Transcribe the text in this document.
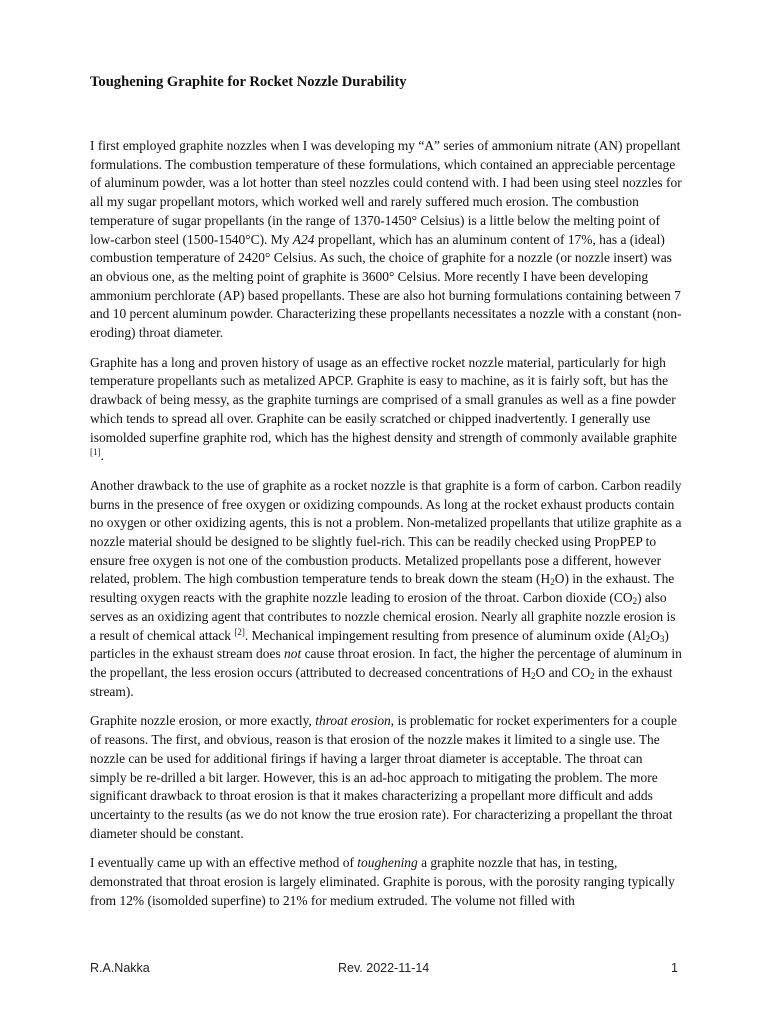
Toughening Graphite for Rocket Nozzle Durability

I first employed graphite nozzles when I was developing my “A” series of ammonium nitrate (AN) propellant formulations. The combustion temperature of these formulations, which contained an appreciable percentage of aluminum powder, was a lot hotter than steel nozzles could contend with. I had been using steel nozzles for all my sugar propellant motors, which worked well and rarely suffered much erosion. The combustion temperature of sugar propellants (in the range of 1370-1450° Celsius) is a little below the melting point of low-carbon steel (1500-1540°C). My A24 propellant, which has an aluminum content of 17%, has a (ideal) combustion temperature of 2420° Celsius. As such, the choice of graphite for a nozzle (or nozzle insert) was an obvious one, as the melting point of graphite is 3600° Celsius. More recently I have been developing ammonium perchlorate (AP) based propellants. These are also hot burning formulations containing between 7 and 10 percent aluminum powder. Characterizing these propellants necessitates a nozzle with a constant (non-eroding) throat diameter.

Graphite has a long and proven history of usage as an effective rocket nozzle material, particularly for high temperature propellants such as metalized APCP. Graphite is easy to machine, as it is fairly soft, but has the drawback of being messy, as the graphite turnings are comprised of a small granules as well as a fine powder which tends to spread all over. Graphite can be easily scratched or chipped inadvertently. I generally use isomolded superfine graphite rod, which has the highest density and strength of commonly available graphite [1].

Another drawback to the use of graphite as a rocket nozzle is that graphite is a form of carbon. Carbon readily burns in the presence of free oxygen or oxidizing compounds. As long at the rocket exhaust products contain no oxygen or other oxidizing agents, this is not a problem. Non-metalized propellants that utilize graphite as a nozzle material should be designed to be slightly fuel-rich. This can be readily checked using PropPEP to ensure free oxygen is not one of the combustion products. Metalized propellants pose a different, however related, problem. The high combustion temperature tends to break down the steam $(H_2O)$ in the exhaust. The resulting oxygen reacts with the graphite nozzle leading to erosion of the throat. Carbon dioxide $(CO_2)$ also serves as an oxidizing agent that contributes to nozzle chemical erosion. Nearly all graphite nozzle erosion is a result of chemical attack [2]. Mechanical impingement resulting from presence of aluminum oxide $(Al_2O_3)$ particles in the exhaust stream does not cause throat erosion. In fact, the higher the percentage of aluminum in the propellant, the less erosion occurs (attributed to decreased concentrations of $H_2O$ and $CO_2$ in the exhaust stream).

Graphite nozzle erosion, or more exactly, throat erosion, is problematic for rocket experimenters for a couple of reasons. The first, and obvious, reason is that erosion of the nozzle makes it limited to a single use. The nozzle can be used for additional firings if having a larger throat diameter is acceptable. The throat can simply be re-drilled a bit larger. However, this is an ad-hoc approach to mitigating the problem. The more significant drawback to throat erosion is that it makes characterizing a propellant more difficult and adds uncertainty to the results (as we do not know the true erosion rate). For characterizing a propellant the throat diameter should be constant.

I eventually came up with an effective method of toughening a graphite nozzle that has, in testing, demonstrated that throat erosion is largely eliminated. Graphite is porous, with the porosity ranging typically from 12% (isomolded superfine) to 21% for medium extruded. The volume not filled with

R.A.Nakka	Rev. 2022-11-14	1
